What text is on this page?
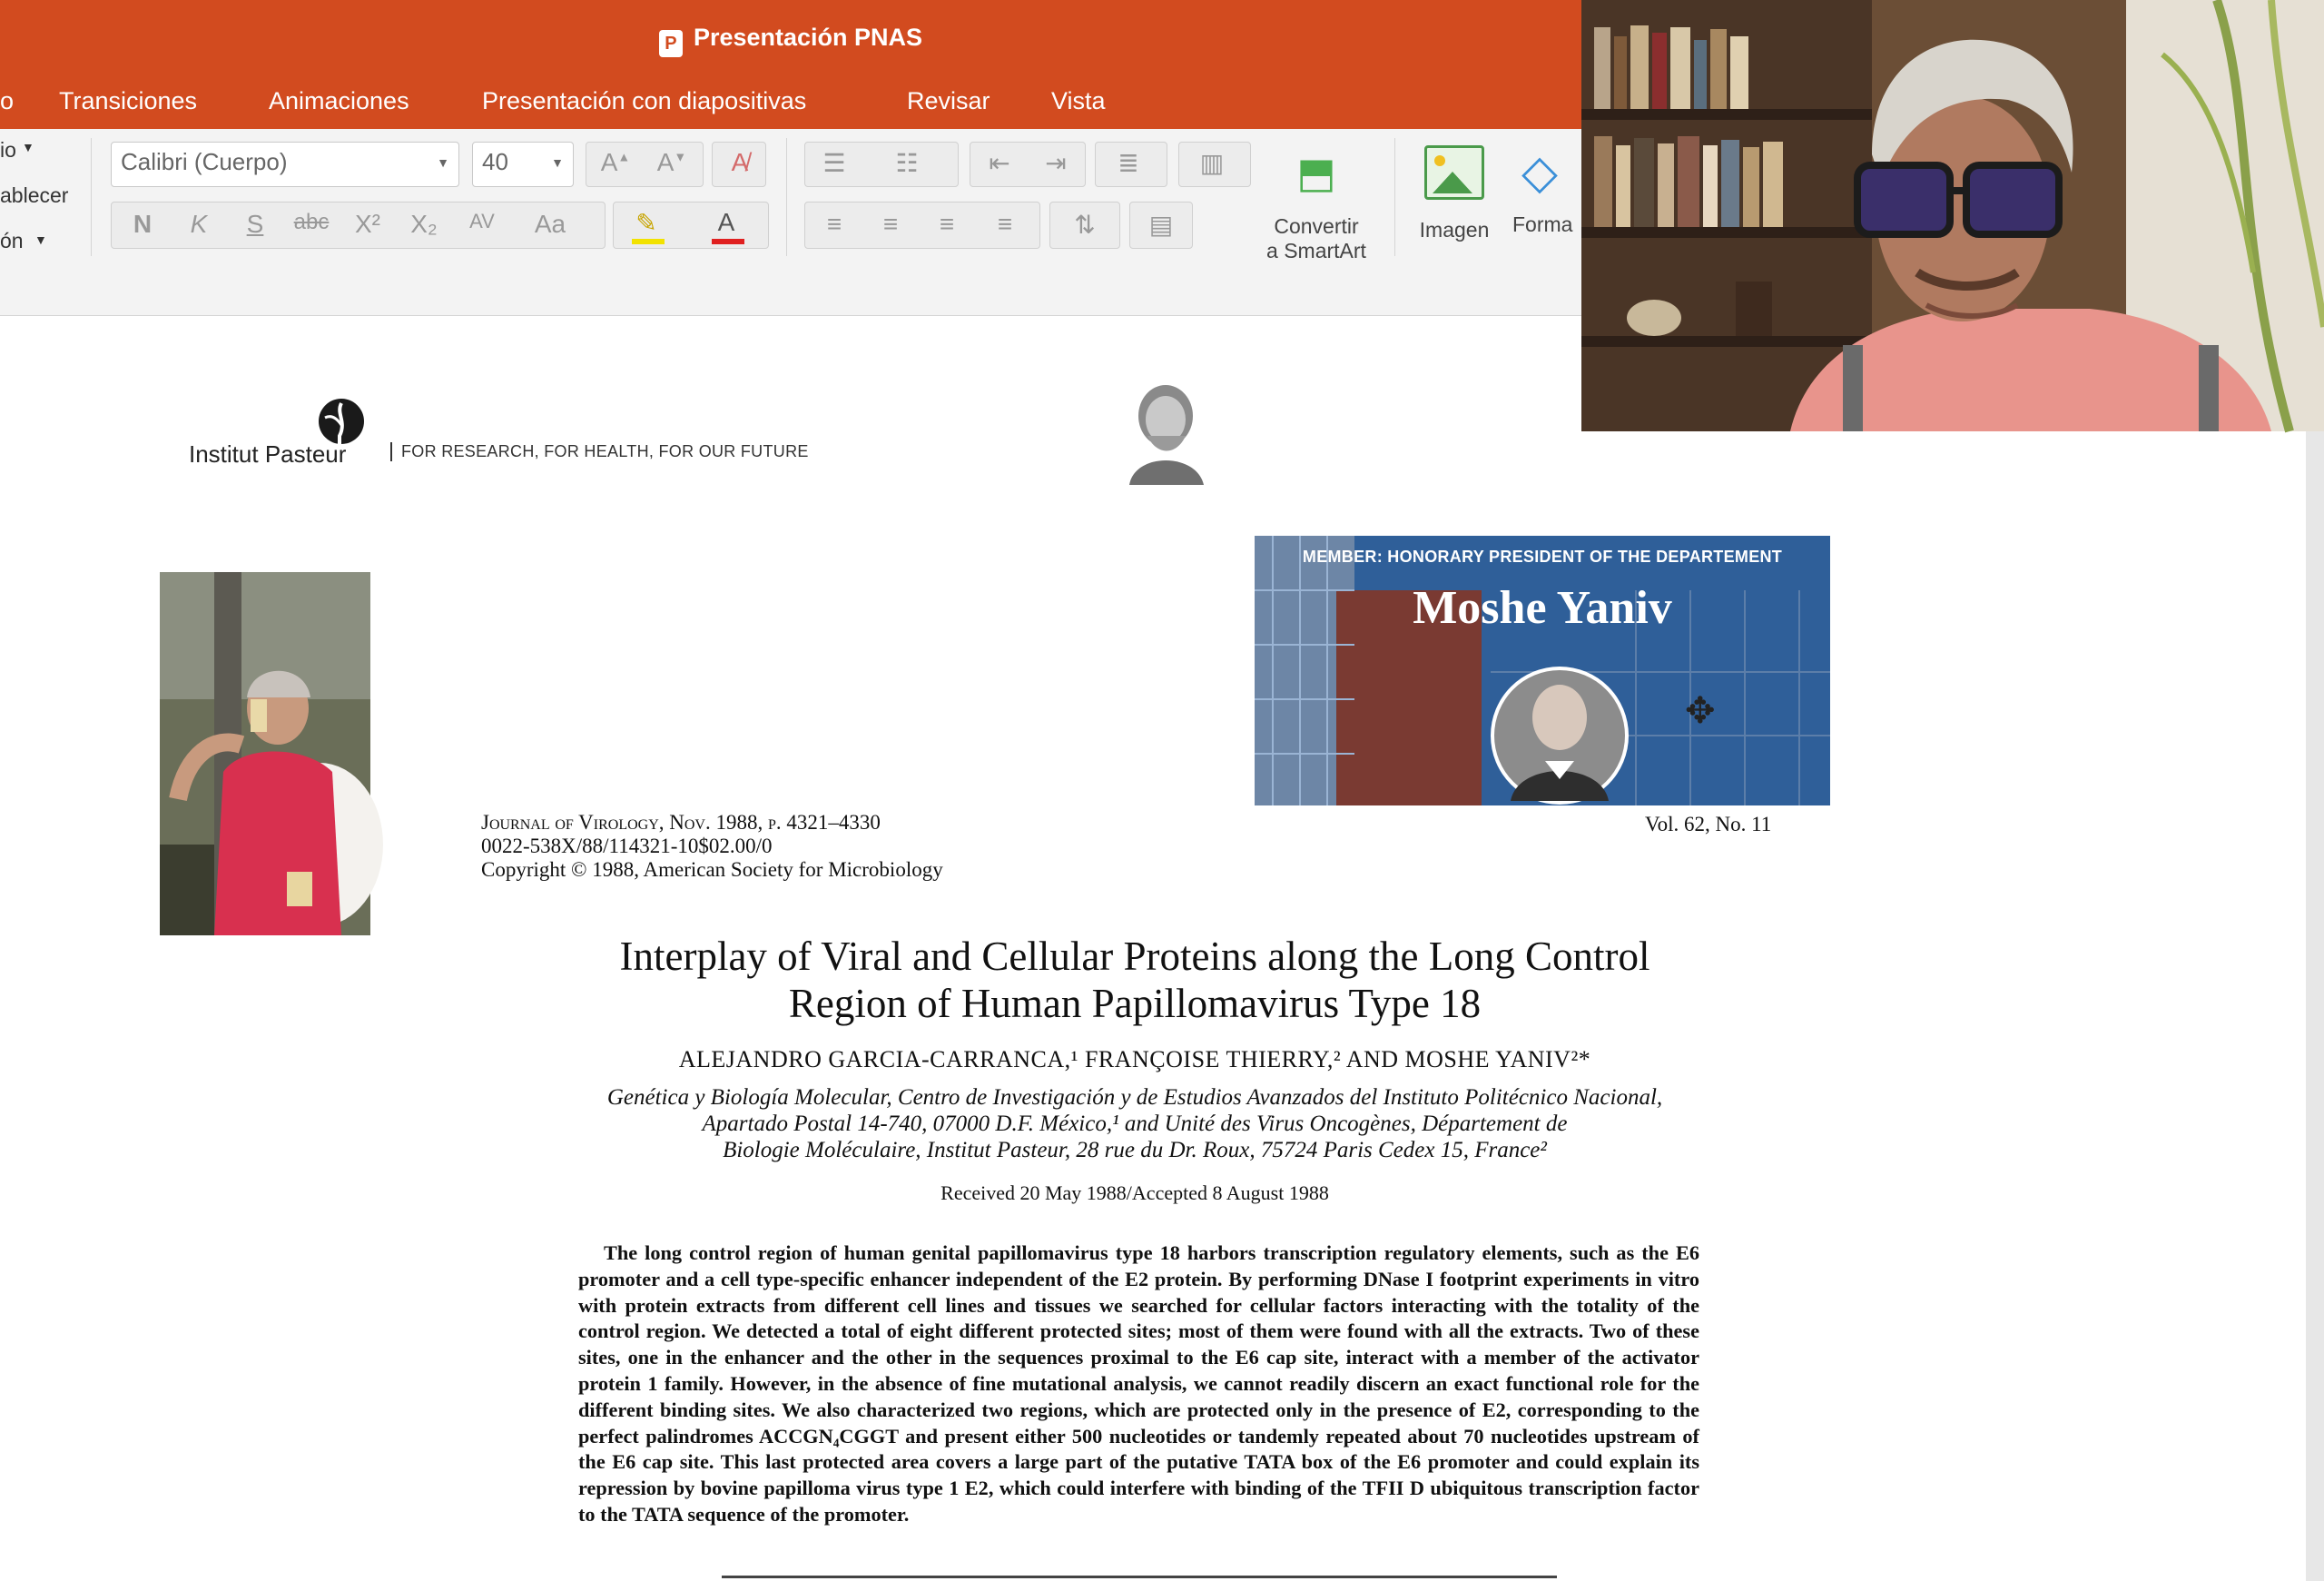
P Presentación PNAS
o Transiciones	Animaciones	Presentación con diapositivas	Revisar Vista
io ▼
ablecer
ón ▼
Calibri (Cuerpo)	▼	40	▼	A▲	A▼	A̸
N	K	S	abc	X²	X₂	AV	Aa	✎	A
☰	☷	⇤	⇥	≣	▥
≡	≡	≡	≡	⇅	▤
⬒
Convertir
a SmartArt
Imagen
◇
Forma
Institut Pasteur	FOR RESEARCH, FOR HEALTH, FOR OUR FUTURE
MEMBER: HONORARY PRESIDENT OF THE DEPARTEMENT
Moshe Yaniv
✥
Journal of Virology, Nov. 1988, p. 4321–4330
0022-538X/88/114321-10$02.00/0
Copyright © 1988, American Society for Microbiology
Vol. 62, No. 11
Interplay of Viral and Cellular Proteins along the Long Control
Region of Human Papillomavirus Type 18
ALEJANDRO GARCIA-CARRANCA,¹ FRANÇOISE THIERRY,² AND MOSHE YANIV²*
Genética y Biología Molecular, Centro de Investigación y de Estudios Avanzados del Instituto Politécnico Nacional,
Apartado Postal 14-740, 07000 D.F. México,¹ and Unité des Virus Oncogènes, Département de
Biologie Moléculaire, Institut Pasteur, 28 rue du Dr. Roux, 75724 Paris Cedex 15, France²
Received 20 May 1988/Accepted 8 August 1988
The long control region of human genital papillomavirus type 18 harbors transcription regulatory elements, such as the E6 promoter and a cell type-specific enhancer independent of the E2 protein. By performing DNase I footprint experiments in vitro with protein extracts from different cell lines and tissues we searched for cellular factors interacting with the totality of the control region. We detected a total of eight different protected sites; most of them were found with all the extracts. Two of these sites, one in the enhancer and the other in the sequences proximal to the E6 cap site, interact with a member of the activator protein 1 family. However, in the absence of fine mutational analysis, we cannot readily discern an exact functional role for the different binding sites. We also characterized two regions, which are protected only in the presence of E2, corresponding to the perfect palindromes ACCGN₄CGGT and present either 500 nucleotides or tandemly repeated about 70 nucleotides upstream of the E6 cap site. This last protected area covers a large part of the putative TATA box of the E6 promoter and could explain its repression by bovine papilloma virus type 1 E2, which could interfere with binding of the TFII D ubiquitous transcription factor to the TATA sequence of the promoter.
